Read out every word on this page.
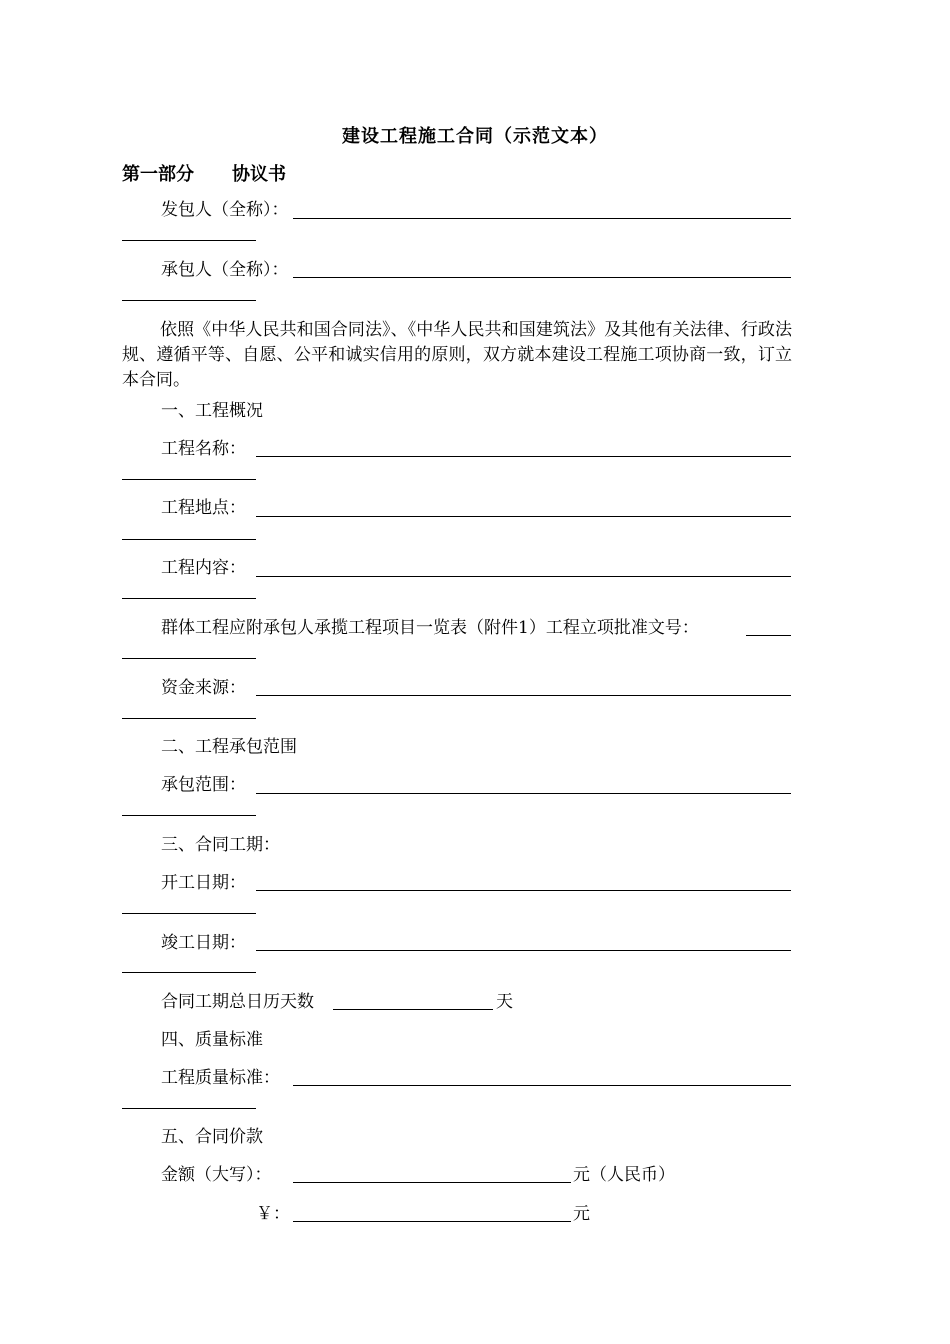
建设工程施工合同（示范文本）
第一部分 协议书
发包人（全称）：
承包人（全称）：
依照《中华人民共和国合同法》、《中华人民共和国建筑法》及其他有关法律、行政法规、遵循平等、自愿、公平和诚实信用的原则，双方就本建设工程施工项协商一致，订立本合同。
一、工程概况
工程名称：
工程地点：
工程内容：
群体工程应附承包人承揽工程项目一览表（附件1）工程立项批准文号：
资金来源：
二、工程承包范围
承包范围：
三、合同工期：
开工日期：
竣工日期：
合同工期总日历天数	天
四、质量标准
工程质量标准：
五、合同价款
金额（大写）：	元（人民币）
￥：	元
